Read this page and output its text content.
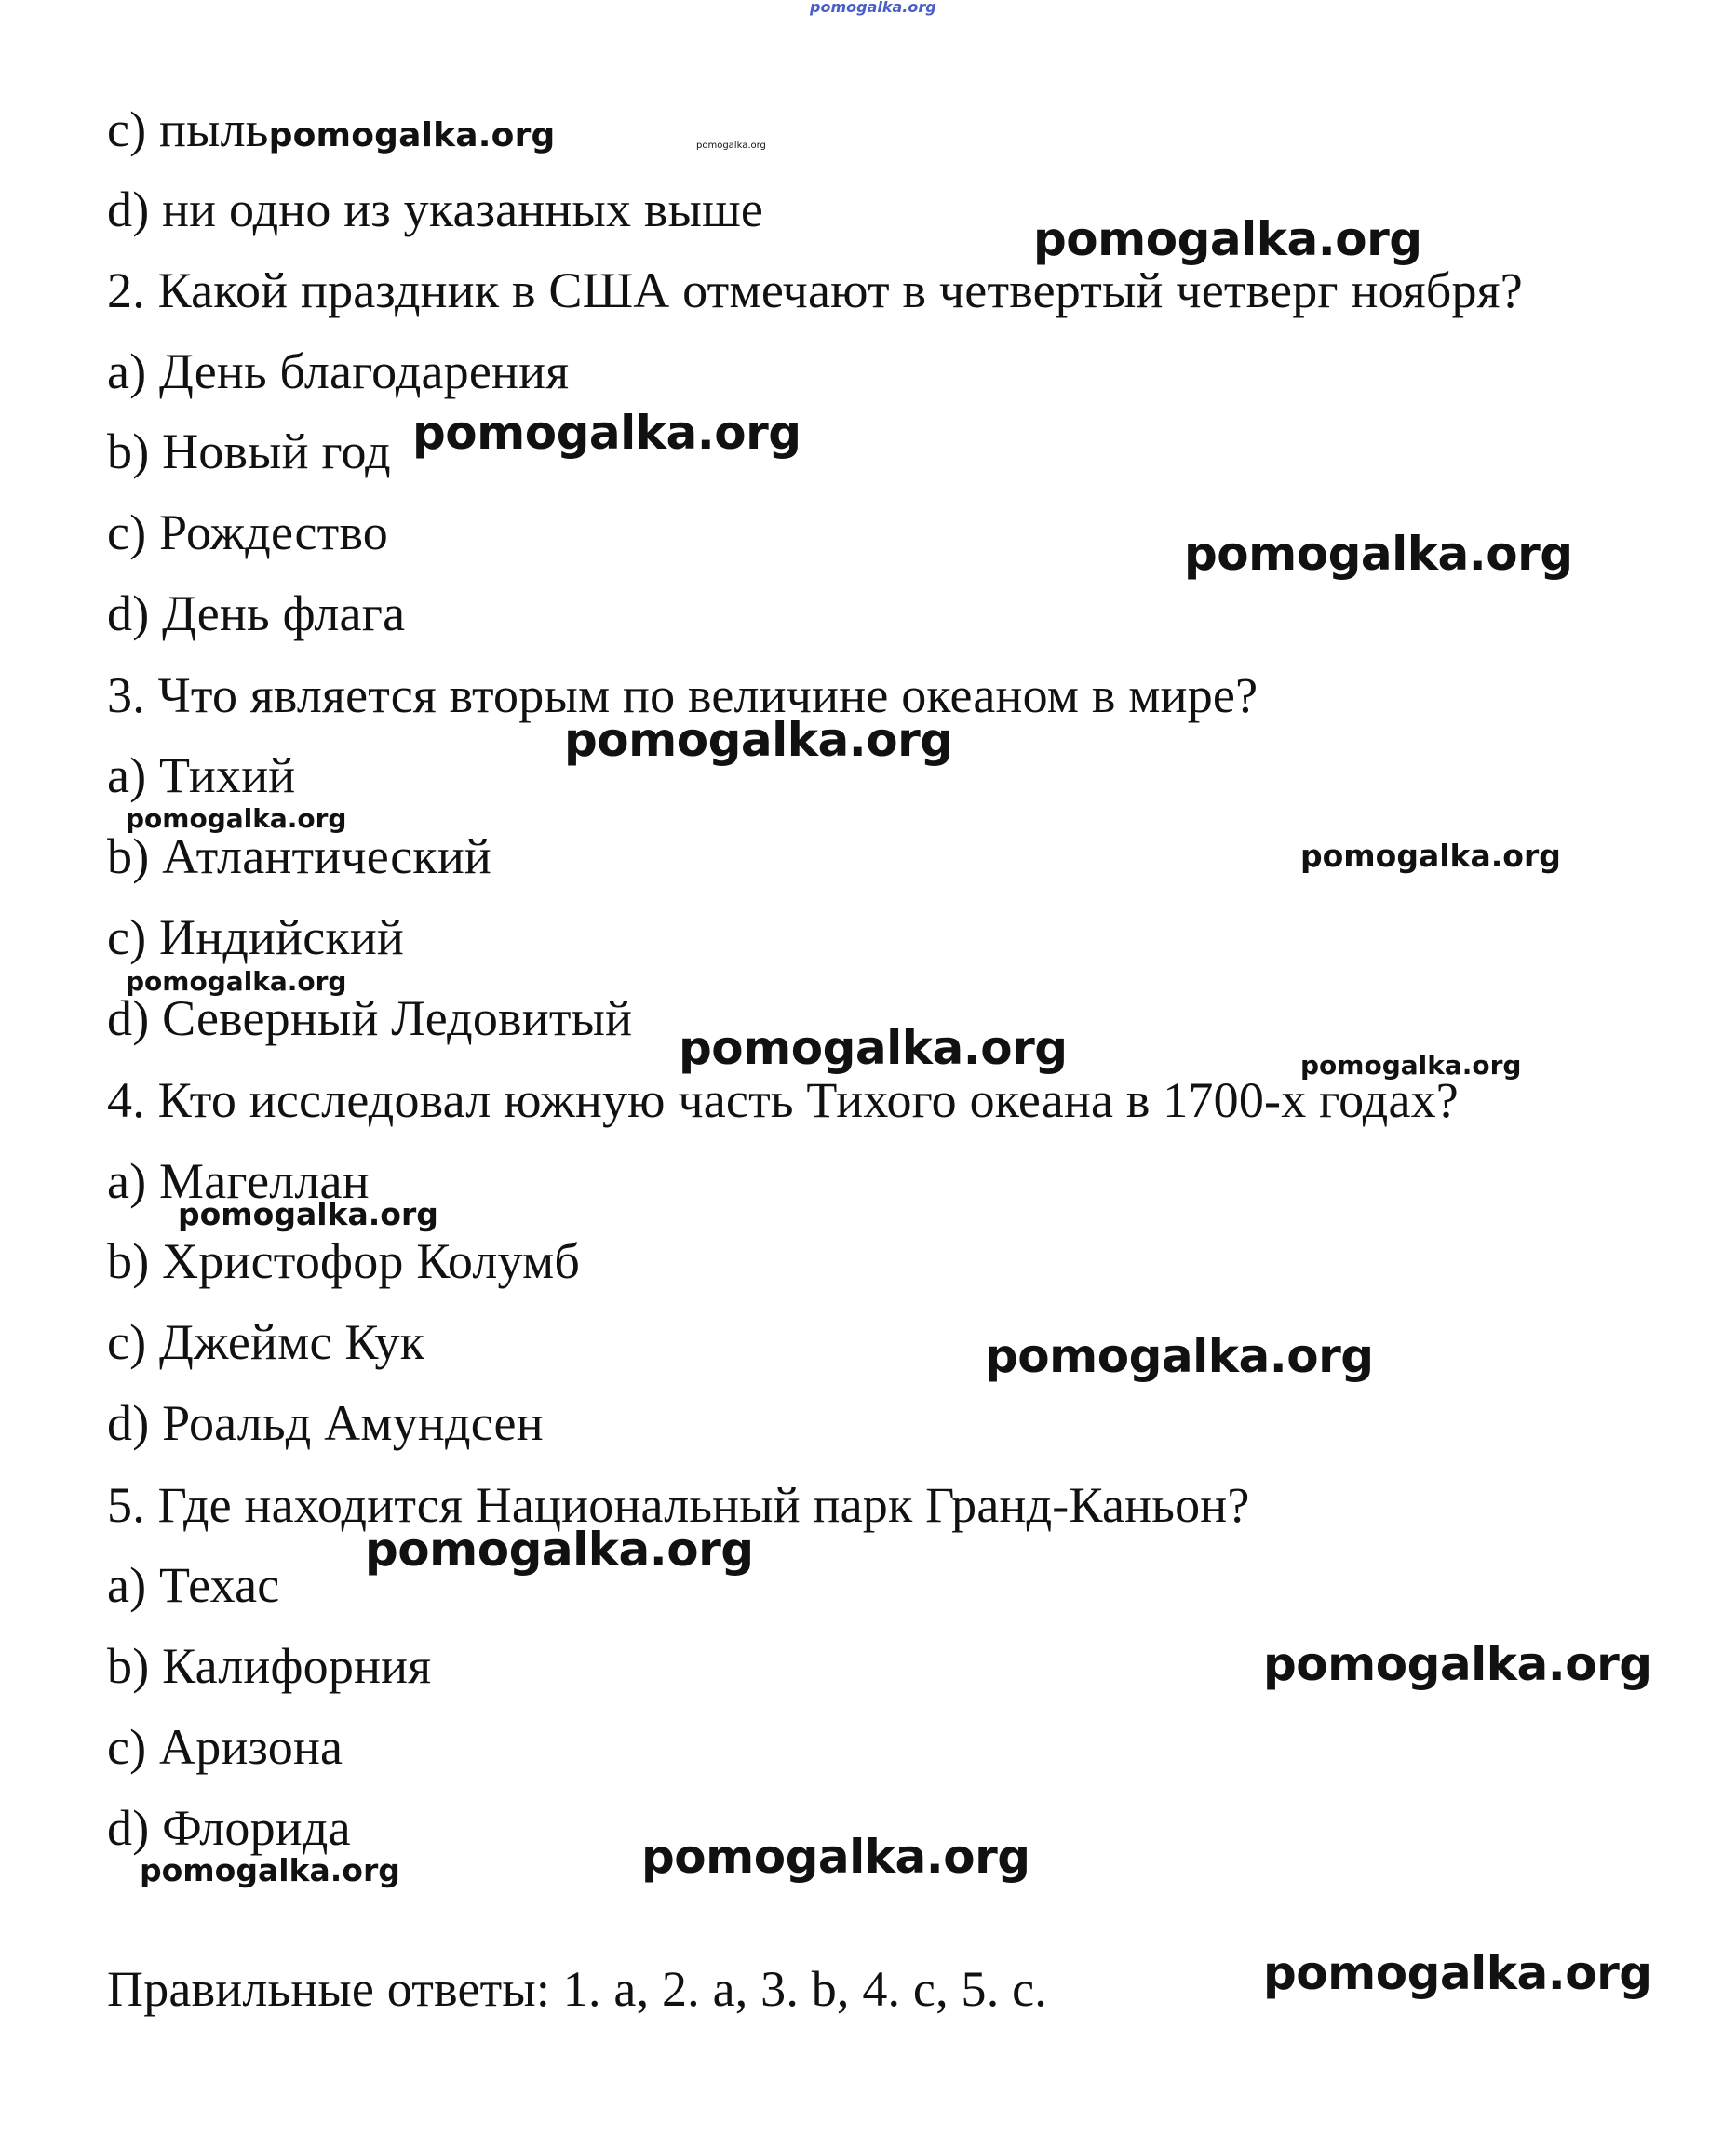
pomogalka.org
c) пыльpomogalka.org
d) ни одно из указанных выше
2. Какой праздник в США отмечают в четвертый четверг ноября?
a) День благодарения
b) Новый год
c) Рождество
d) День флага
3. Что является вторым по величине океаном в мире?
a) Тихий
b) Атлантический
c) Индийский
d) Северный Ледовитый
4. Кто исследовал южную часть Тихого океана в 1700-х годах?
a) Магеллан
b) Христофор Колумб
c) Джеймс Кук
d) Роальд Амундсен
5. Где находится Национальный парк Гранд-Каньон?
a) Техас
b) Калифорния
c) Аризона
d) Флорида
Правильные ответы: 1. a, 2. a, 3. b, 4. c, 5. c.
pomogalka.org
pomogalka.org
pomogalka.org
pomogalka.org
pomogalka.org
pomogalka.org
pomogalka.org
pomogalka.org
pomogalka.org	pomogalka.org
pomogalka.org
pomogalka.org
pomogalka.org
pomogalka.org
pomogalka.org
pomogalka.org
pomogalka.org
